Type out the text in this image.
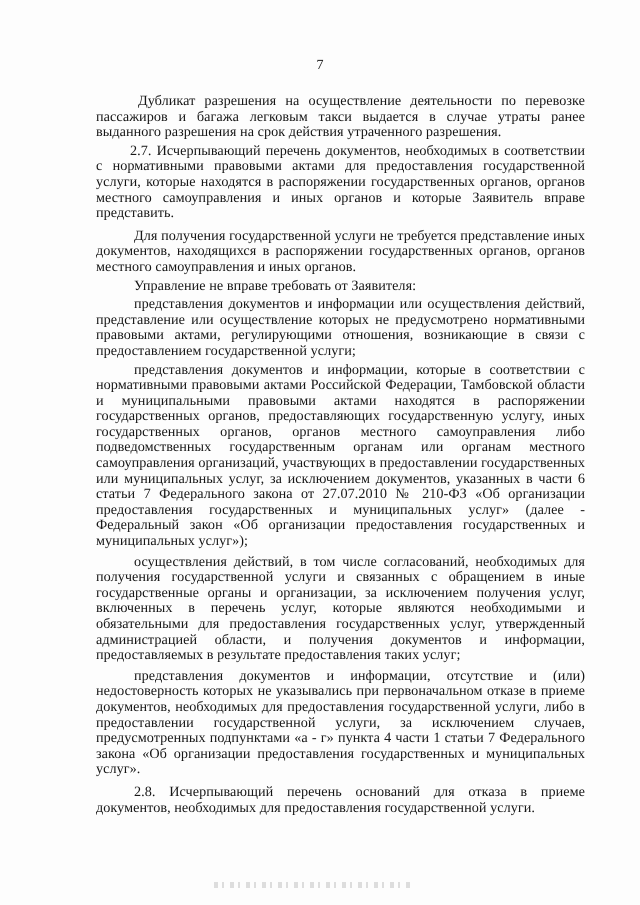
7

Дубликат разрешения на осуществление деятельности по перевозке пассажиров и багажа легковым такси выдается в случае утраты ранее выданного разрешения на срок действия утраченного разрешения.

2.7. Исчерпывающий перечень документов, необходимых в соответствии с нормативными правовыми актами для предоставления государственной услуги, которые находятся в распоряжении государственных органов, органов местного самоуправления и иных органов и которые Заявитель вправе представить.

Для получения государственной услуги не требуется представление иных документов, находящихся в распоряжении государственных органов, органов местного самоуправления и иных органов.

Управление не вправе требовать от Заявителя:

представления документов и информации или осуществления действий, представление или осуществление которых не предусмотрено нормативными правовыми актами, регулирующими отношения, возникающие в связи с предоставлением государственной услуги;

представления документов и информации, которые в соответствии с нормативными правовыми актами Российской Федерации, Тамбовской области и муниципальными правовыми актами находятся в распоряжении государственных органов, предоставляющих государственную услугу, иных государственных органов, органов местного самоуправления либо подведомственных государственным органам или органам местного самоуправления организаций, участвующих в предоставлении государственных или муниципальных услуг, за исключением документов, указанных в части 6 статьи 7 Федерального закона от 27.07.2010 № 210-ФЗ «Об организации предоставления государственных и муниципальных услуг» (далее - Федеральный закон «Об организации предоставления государственных и муниципальных услуг»);

осуществления действий, в том числе согласований, необходимых для получения государственной услуги и связанных с обращением в иные государственные органы и организации, за исключением получения услуг, включенных в перечень услуг, которые являются необходимыми и обязательными для предоставления государственных услуг, утвержденный администрацией области, и получения документов и информации, предоставляемых в результате предоставления таких услуг;

представления документов и информации, отсутствие и (или) недостоверность которых не указывались при первоначальном отказе в приеме документов, необходимых для предоставления государственной услуги, либо в предоставлении государственной услуги, за исключением случаев, предусмотренных подпунктами «а - г» пункта 4 части 1 статьи 7 Федерального закона «Об организации предоставления государственных и муниципальных услуг».

2.8. Исчерпывающий перечень оснований для отказа в приеме документов, необходимых для предоставления государственной услуги.
